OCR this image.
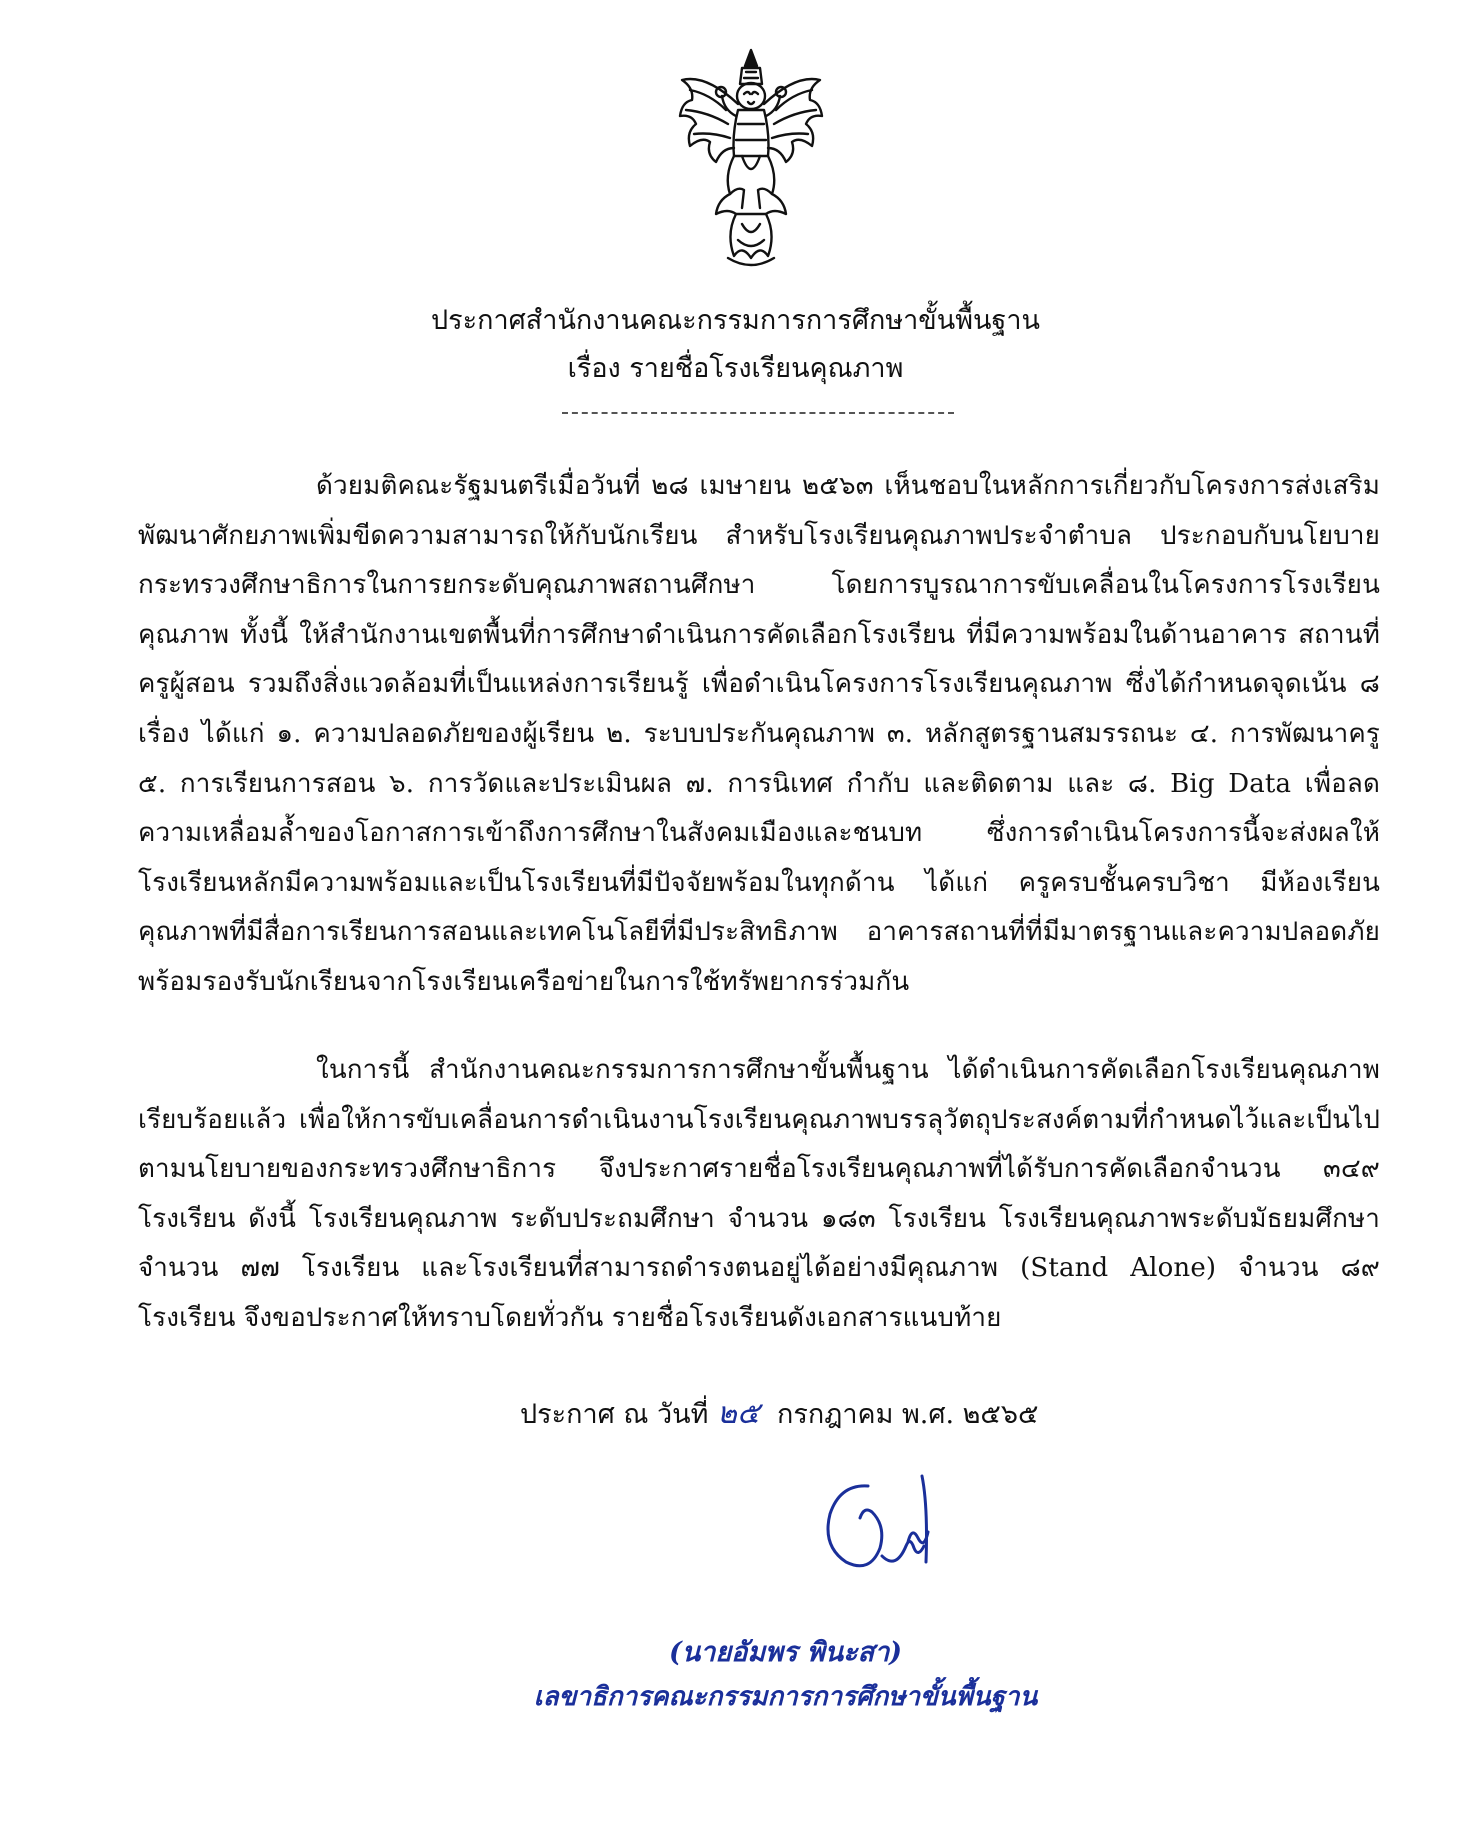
ประกาศสำนักงานคณะกรรมการการศึกษาขั้นพื้นฐาน
เรื่อง รายชื่อโรงเรียนคุณภาพ
ด้วยมติคณะรัฐมนตรีเมื่อวันที่ ๒๘ เมษายน ๒๕๖๓ เห็นชอบในหลักการเกี่ยวกับโครงการส่งเสริมพัฒนาศักยภาพเพิ่มขีดความสามารถให้กับนักเรียน สำหรับโรงเรียนคุณภาพประจำตำบล ประกอบกับนโยบายกระทรวงศึกษาธิการในการยกระดับคุณภาพสถานศึกษา โดยการบูรณาการขับเคลื่อนในโครงการโรงเรียนคุณภาพ ทั้งนี้ ให้สำนักงานเขตพื้นที่การศึกษาดำเนินการคัดเลือกโรงเรียน ที่มีความพร้อมในด้านอาคาร สถานที่ ครูผู้สอน รวมถึงสิ่งแวดล้อมที่เป็นแหล่งการเรียนรู้ เพื่อดำเนินโครงการโรงเรียนคุณภาพ ซึ่งได้กำหนดจุดเน้น ๘ เรื่อง ได้แก่ ๑. ความปลอดภัยของผู้เรียน ๒. ระบบประกันคุณภาพ ๓. หลักสูตรฐานสมรรถนะ ๔. การพัฒนาครู ๕. การเรียนการสอน ๖. การวัดและประเมินผล ๗. การนิเทศ กำกับ และติดตาม และ ๘. Big Data เพื่อลดความเหลื่อมล้ำของโอกาสการเข้าถึงการศึกษาในสังคมเมืองและชนบท ซึ่งการดำเนินโครงการนี้จะส่งผลให้โรงเรียนหลักมีความพร้อมและเป็นโรงเรียนที่มีปัจจัยพร้อมในทุกด้าน ได้แก่ ครูครบชั้นครบวิชา มีห้องเรียนคุณภาพที่มีสื่อการเรียนการสอนและเทคโนโลยีที่มีประสิทธิภาพ อาคารสถานที่ที่มีมาตรฐานและความปลอดภัย พร้อมรองรับนักเรียนจากโรงเรียนเครือข่ายในการใช้ทรัพยากรร่วมกัน
ในการนี้ สำนักงานคณะกรรมการการศึกษาขั้นพื้นฐาน ได้ดำเนินการคัดเลือกโรงเรียนคุณภาพ เรียบร้อยแล้ว เพื่อให้การขับเคลื่อนการดำเนินงานโรงเรียนคุณภาพบรรลุวัตถุประสงค์ตามที่กำหนดไว้และเป็นไปตามนโยบายของกระทรวงศึกษาธิการ จึงประกาศรายชื่อโรงเรียนคุณภาพที่ได้รับการคัดเลือกจำนวน ๓๔๙ โรงเรียน ดังนี้ โรงเรียนคุณภาพ ระดับประถมศึกษา จำนวน ๑๘๓ โรงเรียน โรงเรียนคุณภาพระดับมัธยมศึกษา จำนวน ๗๗ โรงเรียน และโรงเรียนที่สามารถดำรงตนอยู่ได้อย่างมีคุณภาพ (Stand Alone) จำนวน ๘๙ โรงเรียน จึงขอประกาศให้ทราบโดยทั่วกัน รายชื่อโรงเรียนดังเอกสารแนบท้าย
ประกาศ ณ วันที่ ๒๕ กรกฎาคม พ.ศ. ๒๕๖๕
(นายอัมพร พินะสา)
เลขาธิการคณะกรรมการการศึกษาขั้นพื้นฐาน
